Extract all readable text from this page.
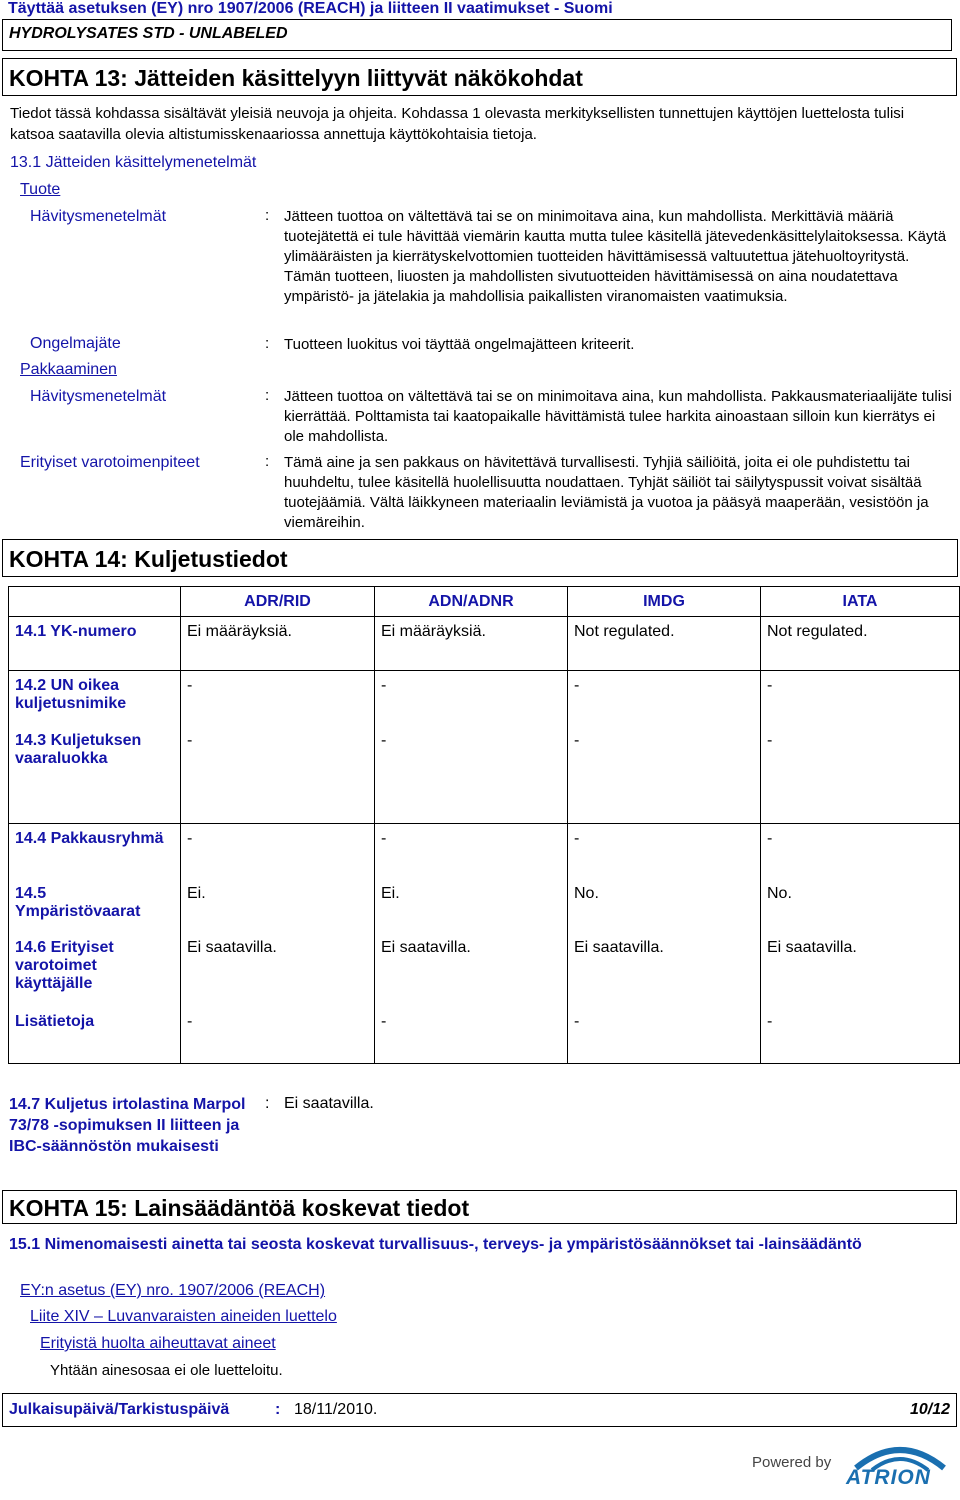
Täyttää asetuksen (EY) nro 1907/2006 (REACH) ja liitteen II vaatimukset - Suomi
HYDROLYSATES STD - UNLABELED
KOHTA 13: Jätteiden käsittelyyn liittyvät näkökohdat
Tiedot tässä kohdassa sisältävät yleisiä neuvoja ja ohjeita. Kohdassa 1 olevasta merkityksellisten tunnettujen käyttöjen luettelosta tulisi katsoa saatavilla olevia altistumisskenaariossa annettuja käyttökohtaisia tietoja.
13.1 Jätteiden käsittelymenetelmät
Tuote
Hävitysmenetelmät	: Jätteen tuottoa on vältettävä tai se on minimoitava aina, kun mahdollista. Merkittäviä määriä tuotejätettä ei tule hävittää viemärin kautta mutta tulee käsitellä jätevedenkäsittelylaitoksessa. Käytä ylimääräisten ja kierrätyskelvottomien tuotteiden hävittämisessä valtuutettua jätehuoltoyritystä. Tämän tuotteen, liuosten ja mahdollisten sivutuotteiden hävittämisessä on aina noudatettava ympäristö- ja jätelakia ja mahdollisia paikallisten viranomaisten vaatimuksia.
Ongelmajäte	: Tuotteen luokitus voi täyttää ongelmajätteen kriteerit.
Pakkaaminen
Hävitysmenetelmät	: Jätteen tuottoa on vältettävä tai se on minimoitava aina, kun mahdollista. Pakkausmateriaalijäte tulisi kierrättää. Polttamista tai kaatopaikalle hävittämistä tulee harkita ainoastaan silloin kun kierrätys ei ole mahdollista.
Erityiset varotoimenpiteet	: Tämä aine ja sen pakkaus on hävitettävä turvallisesti. Tyhjiä säiliöitä, joita ei ole puhdistettu tai huuhdeltu, tulee käsitellä huolellisuutta noudattaen. Tyhjät säiliöt tai säilytyspussit voivat sisältää tuotejäämiä. Vältä läikkyneen materiaalin leviämistä ja vuotoa ja pääsyä maaperään, vesistöön ja viemäreihin.
KOHTA 14: Kuljetustiedot
	ADR/RID	ADN/ADNR	IMDG	IATA
14.1 YK-numero	Ei määräyksiä.	Ei määräyksiä.	Not regulated.	Not regulated.
14.2 UN oikea kuljetusnimike	-	-	-	-
14.3 Kuljetuksen vaaraluokka	-	-	-	-
14.4 Pakkausryhmä	-	-	-	-
14.5 Ympäristövaarat	Ei.	Ei.	No.	No.
14.6 Erityiset varotoimet käyttäjälle	Ei saatavilla.	Ei saatavilla.	Ei saatavilla.	Ei saatavilla.
Lisätietoja	-	-	-	-
14.7 Kuljetus irtolastina Marpol 73/78 -sopimuksen II liitteen ja IBC-säännöstön mukaisesti
: Ei saatavilla.
KOHTA 15: Lainsäädäntöä koskevat tiedot
15.1 Nimenomaisesti ainetta tai seosta koskevat turvallisuus-, terveys- ja ympäristösäännökset tai -lainsäädäntö
EY:n asetus (EY) nro. 1907/2006 (REACH)
Liite XIV – Luvanvaraisten aineiden luettelo
Erityistä huolta aiheuttavat aineet
Yhtään ainesosaa ei ole luetteloitu.
Julkaisupäivä/Tarkistuspäivä	: 18/11/2010.	10/12
Powered by
ATRION
